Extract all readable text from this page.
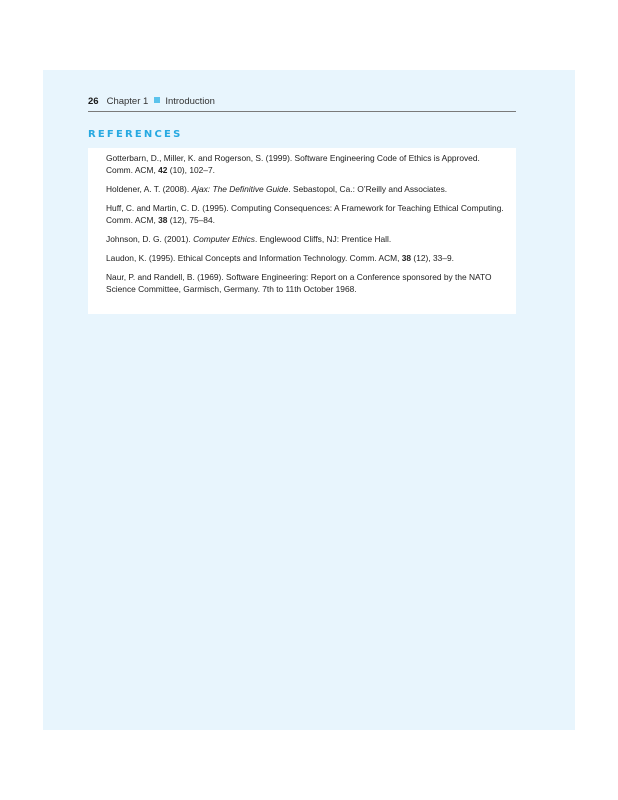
26 Chapter 1 Introduction
REFERENCES
Gotterbarn, D., Miller, K. and Rogerson, S. (1999). Software Engineering Code of Ethics is Approved. Comm. ACM, 42 (10), 102–7.
Holdener, A. T. (2008). Ajax: The Definitive Guide. Sebastopol, Ca.: O’Reilly and Associates.
Huff, C. and Martin, C. D. (1995). Computing Consequences: A Framework for Teaching Ethical Computing. Comm. ACM, 38 (12), 75–84.
Johnson, D. G. (2001). Computer Ethics. Englewood Cliffs, NJ: Prentice Hall.
Laudon, K. (1995). Ethical Concepts and Information Technology. Comm. ACM, 38 (12), 33–9.
Naur, P. and Randell, B. (1969). Software Engineering: Report on a Conference sponsored by the NATO Science Committee, Garmisch, Germany. 7th to 11th October 1968.
